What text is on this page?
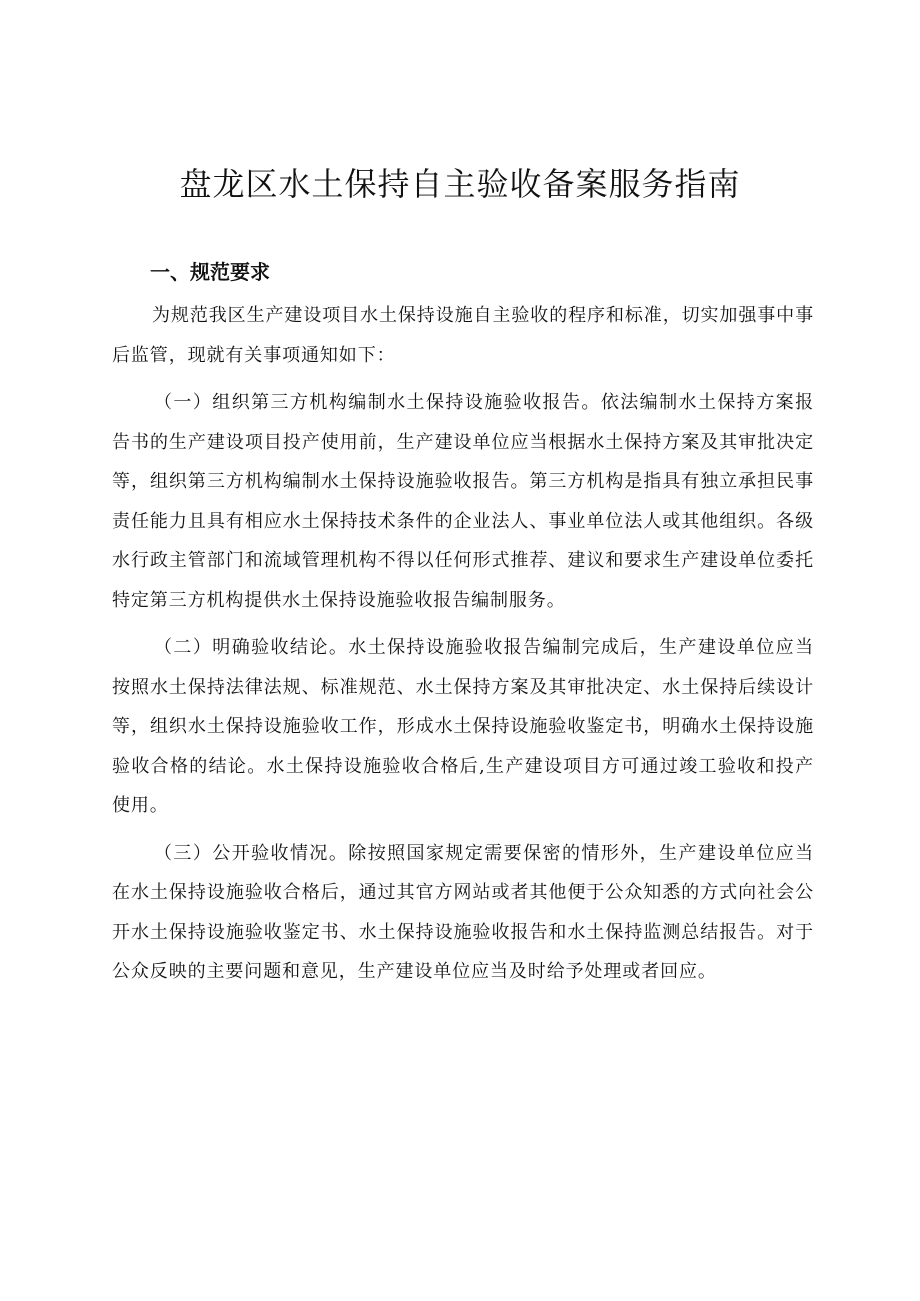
盘龙区水土保持自主验收备案服务指南
一、规范要求

为规范我区生产建设项目水土保持设施自主验收的程序和标准，切实加强事中事后监管，现就有关事项通知如下：

（一）组织第三方机构编制水土保持设施验收报告。依法编制水土保持方案报告书的生产建设项目投产使用前，生产建设单位应当根据水土保持方案及其审批决定等，组织第三方机构编制水土保持设施验收报告。第三方机构是指具有独立承担民事责任能力且具有相应水土保持技术条件的企业法人、事业单位法人或其他组织。各级水行政主管部门和流域管理机构不得以任何形式推荐、建议和要求生产建设单位委托特定第三方机构提供水土保持设施验收报告编制服务。

（二）明确验收结论。水土保持设施验收报告编制完成后，生产建设单位应当按照水土保持法律法规、标准规范、水土保持方案及其审批决定、水土保持后续设计等，组织水土保持设施验收工作，形成水土保持设施验收鉴定书，明确水土保持设施验收合格的结论。水土保持设施验收合格后,生产建设项目方可通过竣工验收和投产使用。

（三）公开验收情况。除按照国家规定需要保密的情形外，生产建设单位应当在水土保持设施验收合格后，通过其官方网站或者其他便于公众知悉的方式向社会公开水土保持设施验收鉴定书、水土保持设施验收报告和水土保持监测总结报告。对于公众反映的主要问题和意见，生产建设单位应当及时给予处理或者回应。
